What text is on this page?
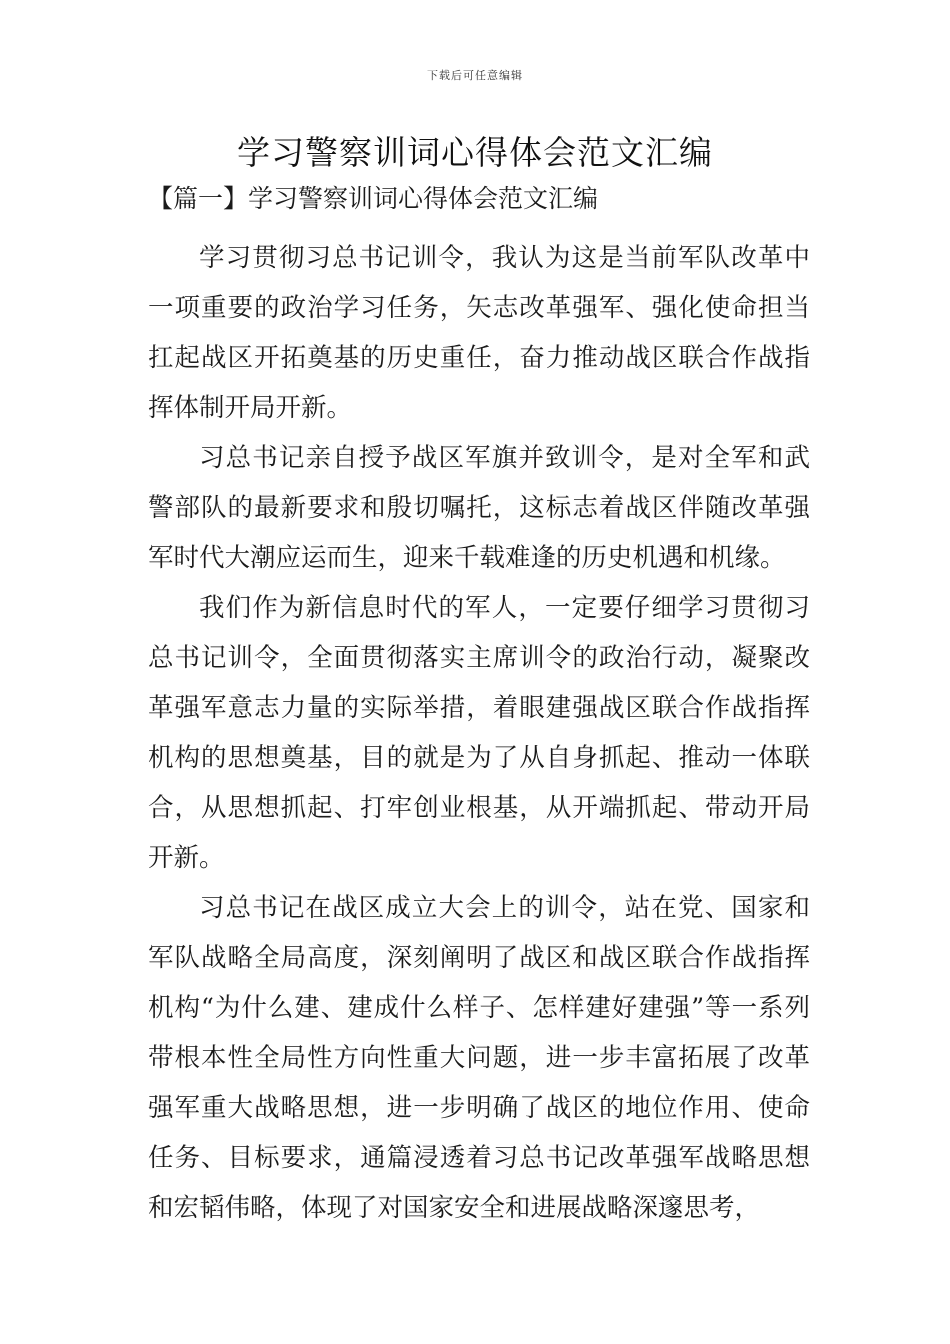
下载后可任意编辑
学习警察训词心得体会范文汇编
【篇一】学习警察训词心得体会范文汇编

学习贯彻习总书记训令，我认为这是当前军队改革中一项重要的政治学习任务，矢志改革强军、强化使命担当扛起战区开拓奠基的历史重任，奋力推动战区联合作战指挥体制开局开新。

习总书记亲自授予战区军旗并致训令，是对全军和武警部队的最新要求和殷切嘱托，这标志着战区伴随改革强军时代大潮应运而生，迎来千载难逢的历史机遇和机缘。

我们作为新信息时代的军人，一定要仔细学习贯彻习总书记训令，全面贯彻落实主席训令的政治行动，凝聚改革强军意志力量的实际举措，着眼建强战区联合作战指挥机构的思想奠基，目的就是为了从自身抓起、推动一体联合，从思想抓起、打牢创业根基，从开端抓起、带动开局开新。

习总书记在战区成立大会上的训令，站在党、国家和军队战略全局高度，深刻阐明了战区和战区联合作战指挥机构“为什么建、建成什么样子、怎样建好建强”等一系列带根本性全局性方向性重大问题，进一步丰富拓展了改革强军重大战略思想，进一步明确了战区的地位作用、使命任务、目标要求，通篇浸透着习总书记改革强军战略思想和宏韬伟略，体现了对国家安全和进展战略深邃思考，
